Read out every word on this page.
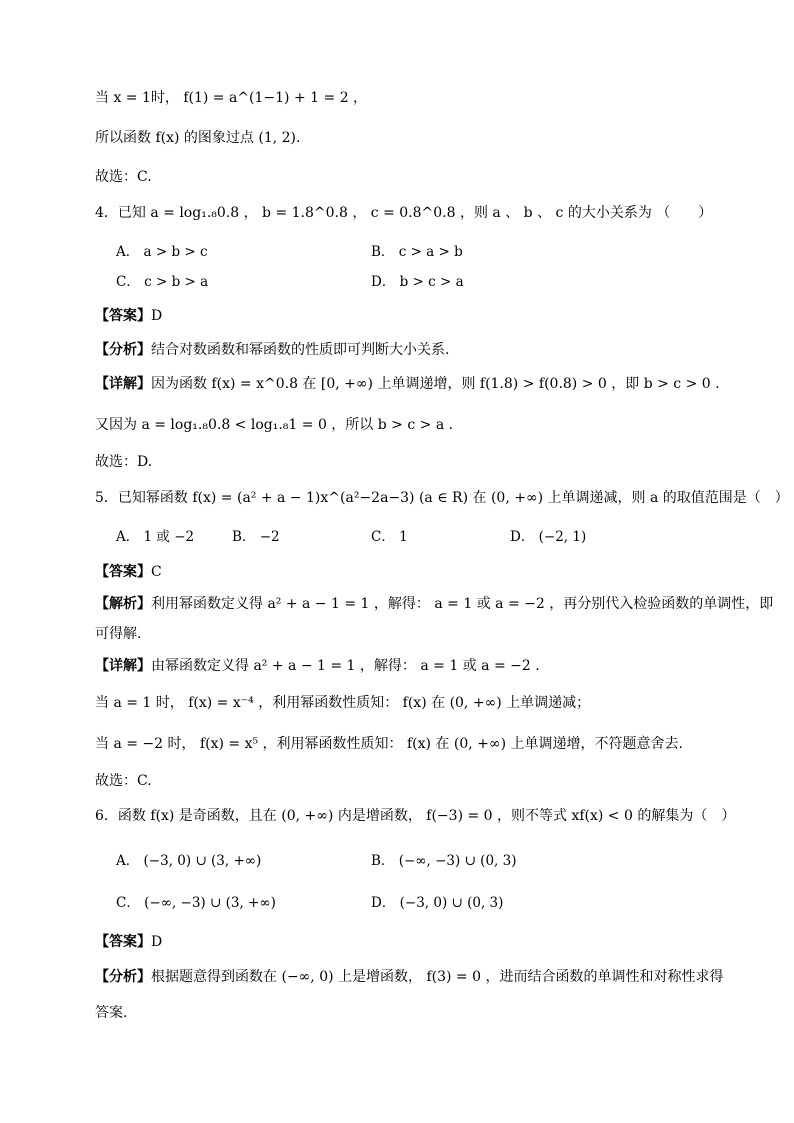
当 x = 1时， f(1) = a^(1−1) + 1 = 2 ，
所以函数 f(x) 的图象过点 (1, 2).
故选：C.
4．已知 a = log₁.₈0.8 ， b = 1.8^0.8 ， c = 0.8^0.8 ，则 a 、 b 、 c 的大小关系为 （　　）
A． a > b > c	B． c > a > b
C． c > b > a	D． b > c > a
【答案】D
【分析】结合对数函数和幂函数的性质即可判断大小关系.
【详解】因为函数 f(x) = x^0.8 在 [0, +∞) 上单调递增，则 f(1.8) > f(0.8) > 0 ，即 b > c > 0 .
又因为 a = log₁.₈0.8 < log₁.₈1 = 0 ，所以 b > c > a .
故选：D.
5．已知幂函数 f(x) = (a² + a − 1)x^(a²−2a−3) (a ∈ R) 在 (0, +∞) 上单调递减，则 a 的取值范围是（　）
A． 1 或 −2	B． −2	C． 1	D． (−2, 1)
【答案】C
【解析】利用幂函数定义得 a² + a − 1 = 1 ，解得： a = 1 或 a = −2 ，再分别代入检验函数的单调性，即
可得解.
【详解】由幂函数定义得 a² + a − 1 = 1 ，解得： a = 1 或 a = −2 .
当 a = 1 时， f(x) = x⁻⁴ ，利用幂函数性质知： f(x) 在 (0, +∞) 上单调递减；
当 a = −2 时， f(x) = x⁵ ，利用幂函数性质知： f(x) 在 (0, +∞) 上单调递增，不符题意舍去.
故选：C.
6．函数 f(x) 是奇函数，且在 (0, +∞) 内是增函数， f(−3) = 0 ，则不等式 xf(x) < 0 的解集为（　）
A． (−3, 0) ∪ (3, +∞)	B． (−∞, −3) ∪ (0, 3)
C． (−∞, −3) ∪ (3, +∞)	D． (−3, 0) ∪ (0, 3)
【答案】D
【分析】根据题意得到函数在 (−∞, 0) 上是增函数， f(3) = 0 ，进而结合函数的单调性和对称性求得
答案.
